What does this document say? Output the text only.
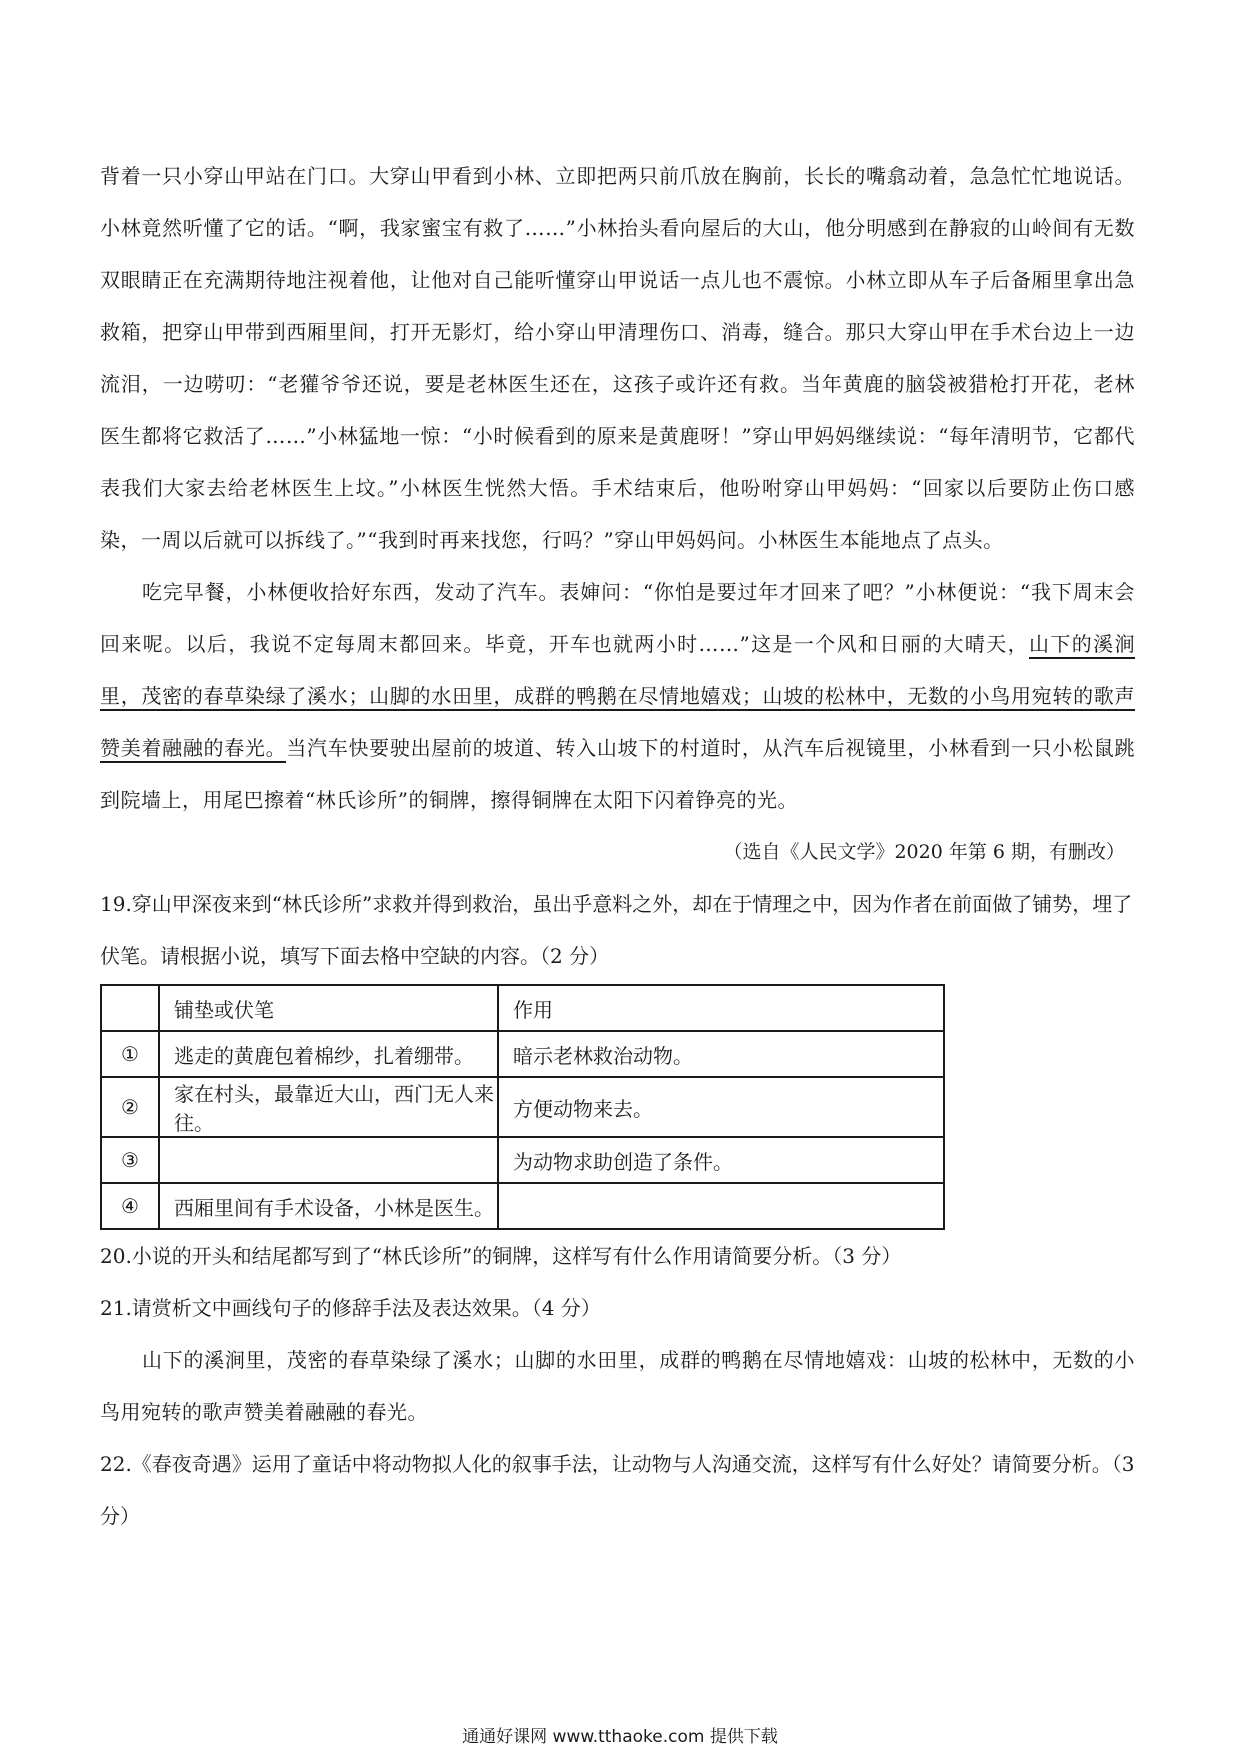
背着一只小穿山甲站在门口。大穿山甲看到小林、立即把两只前爪放在胸前，长长的嘴翕动着，急急忙忙地说话。小林竟然听懂了它的话。“啊，我家蜜宝有救了……”小林抬头看向屋后的大山，他分明感到在静寂的山岭间有无数双眼睛正在充满期待地注视着他，让他对自己能听懂穿山甲说话一点儿也不震惊。小林立即从车子后备厢里拿出急救箱，把穿山甲带到西厢里间，打开无影灯，给小穿山甲清理伤口、消毒，缝合。那只大穿山甲在手术台边上一边流泪，一边唠叨：“老獾爷爷还说，要是老林医生还在，这孩子或许还有救。当年黄鹿的脑袋被猎枪打开花，老林医生都将它救活了……”小林猛地一惊：“小时候看到的原来是黄鹿呀！”穿山甲妈妈继续说：“每年清明节，它都代表我们大家去给老林医生上坟。”小林医生恍然大悟。手术结束后，他吩咐穿山甲妈妈：“回家以后要防止伤口感染，一周以后就可以拆线了。”“我到时再来找您，行吗？”穿山甲妈妈问。小林医生本能地点了点头。

吃完早餐，小林便收拾好东西，发动了汽车。表婶问：“你怕是要过年才回来了吧？”小林便说：“我下周末会回来呢。以后，我说不定每周末都回来。毕竟，开车也就两小时……”这是一个风和日丽的大晴天，山下的溪涧里，茂密的春草染绿了溪水；山脚的水田里，成群的鸭鹅在尽情地嬉戏；山坡的松林中，无数的小鸟用宛转的歌声赞美着融融的春光。当汽车快要驶出屋前的坡道、转入山坡下的村道时，从汽车后视镜里，小林看到一只小松鼠跳到院墙上，用尾巴擦着“林氏诊所”的铜牌，擦得铜牌在太阳下闪着铮亮的光。

（选自《人民文学》2020 年第 6 期，有删改）

19.穿山甲深夜来到“林氏诊所”求救并得到救治，虽出乎意料之外，却在于情理之中，因为作者在前面做了铺势，埋了伏笔。请根据小说，填写下面去格中空缺的内容。（2 分）

	铺垫或伏笔	作用
①	逃走的黄鹿包着棉纱，扎着绷带。	暗示老林救治动物。
②	家在村头，最靠近大山，西门无人来往。	方便动物来去。
③		为动物求助创造了条件。
④	西厢里间有手术设备，小林是医生。	

20.小说的开头和结尾都写到了“林氏诊所”的铜牌，这样写有什么作用请简要分析。（3 分）

21.请赏析文中画线句子的修辞手法及表达效果。（4 分）

山下的溪涧里，茂密的春草染绿了溪水；山脚的水田里，成群的鸭鹅在尽情地嬉戏：山坡的松林中，无数的小鸟用宛转的歌声赞美着融融的春光。

22.《春夜奇遇》运用了童话中将动物拟人化的叙事手法，让动物与人沟通交流，这样写有什么好处？请简要分析。（3 分）

通通好课网 www.tthaoke.com 提供下载
